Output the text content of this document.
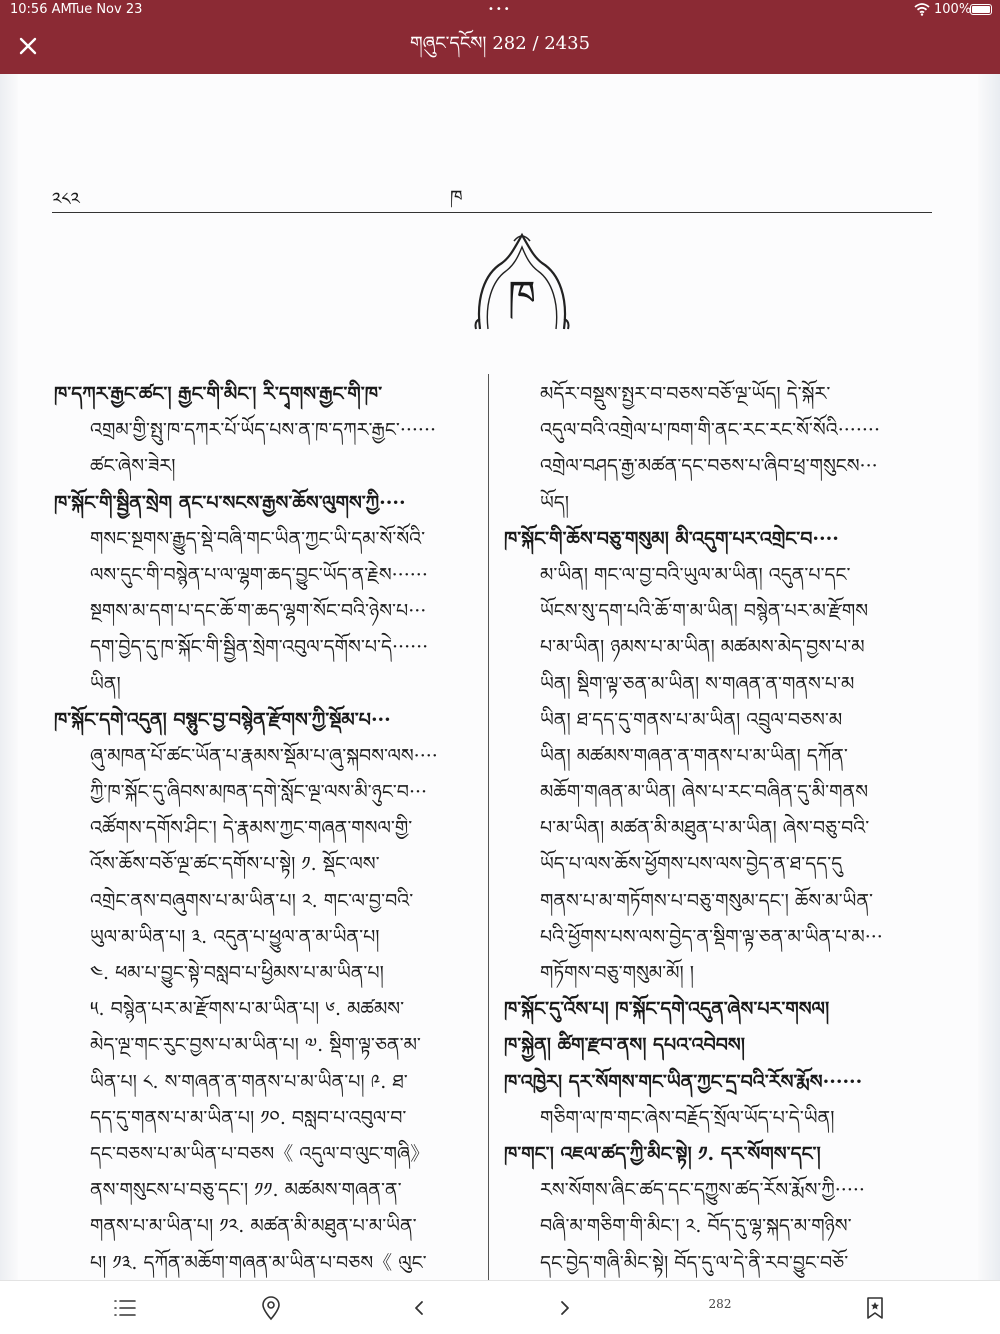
10:56 AM
Tue Nov 23	•••	100%
གཞུང་དངོས། 282 / 2435
༢༨༢	ཁ
ཁ
ཁ་དཀར་རྒྱང་ཚང་། རྒྱང་གི་མིང་། རི་དྭགས་རྒྱང་གི་ཁ་
འགྲམ་གྱི་སྤུ་ཁ་དཀར་པོ་ཡོད་པས་ན་ཁ་དཀར་རྒྱང་······
ཚང་ཞེས་ཟེར།
ཁ་སྐོང་གི་སྦྱིན་སྲེག ནང་པ་སངས་རྒྱས་ཆོས་ལུགས་ཀྱི····
གསང་སྔགས་རྒྱུད་སྡེ་བཞི་གང་ཡིན་ཀྱང་ཡི་དམ་སོ་སོའི་
ལས་དུང་གི་བསྙེན་པ་ལ་ལྷག་ཆད་བྱུང་ཡོད་ན་རྗེས······
སྔགས་མ་དག་པ་དང་ཆོ་ག་ཆད་ལྷག་སོང་བའི་ཉེས་པ···
དག་བྱེད་དུ་ཁ་སྐོང་གི་སྦྱིན་སྲེག་འབུལ་དགོས་པ་དེ······
ཡིན།
ཁ་སྐོང་དགེ་འདུན། བསྙུང་བྱ་བསྙེན་རྫོགས་ཀྱི་སྡོམ་པ···
ཞུ་མཁན་པོ་ཚང་ཡོན་པ་རྣམས་སྡོམ་པ་ཞུ་སྐབས་ལས····
ཀྱི་ཁ་སྐོང་དུ་ཞིབས་མཁན་དགེ་སློང་ལྔ་ལས་མི་ཉུང་བ···
འཚོགས་དགོས་ཤིང་། དེ་རྣམས་ཀྱང་གཞན་གསལ་གྱི་
འོས་ཆོས་བཅོ་ལྔ་ཚང་དགོས་པ་སྟེ། ༡. སྡོང་ལས་
འགྲེང་ནས་བཞུགས་པ་མ་ཡིན་པ། ༢. གང་ལ་བྱ་བའི་
ཡུལ་མ་ཡིན་པ། ༣. འདུན་པ་ཕྱུལ་ན་མ་ཡིན་པ།
༤. ཕམ་པ་བྱུང་སྟེ་བསླབ་པ་ཕྱིམས་པ་མ་ཡིན་པ།
༥. བསྙེན་པར་མ་རྫོགས་པ་མ་ཡིན་པ། ༦. མཚམས་
མེད་ལྔ་གང་རུང་བྱས་པ་མ་ཡིན་པ། ༧. སྡིག་ལྟ་ཅན་མ་
ཡིན་པ། ༨. ས་གཞན་ན་གནས་པ་མ་ཡིན་པ། ༩. ཐ་
དད་དུ་གནས་པ་མ་ཡིན་པ། ༡༠. བསླབ་པ་འབུལ་བ་
དང་བཅས་པ་མ་ཡིན་པ་བཅས《 འདུལ་བ་ལུང་གཞི》
ནས་གསུངས་པ་བཅུ་དང་། ༡༡. མཚམས་གཞན་ན་
གནས་པ་མ་ཡིན་པ། ༡༢. མཚན་མི་མཐུན་པ་མ་ཡིན་
པ། ༡༣. དཀོན་མཆོག་གཞན་མ་ཡིན་པ་བཅས《 ལུང་
མདོར་བསྡུས་སྤྱར་བ་བཅས་བཅོ་ལྔ་ཡོད། དེ་སྐོར་
འདུལ་བའི་འགྲེལ་པ་ཁག་གི་ནང་རང་རང་སོ་སོའི·······
འགྲེལ་བཤད་རྒྱ་མཚན་དང་བཅས་པ་ཞིབ་ཕྲ་གསུངས···
ཡོད།
ཁ་སྐོང་གི་ཆོས་བཅུ་གསུམ། མི་འདུག་པར་འགྲེང་བ····
མ་ཡིན། གང་ལ་བྱ་བའི་ཡུལ་མ་ཡིན། འདུན་པ་དང་
ཡོངས་སུ་དག་པའི་ཆོ་ག་མ་ཡིན། བསྙེན་པར་མ་རྫོགས
པ་མ་ཡིན། ཉམས་པ་མ་ཡིན། མཚམས་མེད་བྱས་པ་མ
ཡིན། སྡིག་ལྟ་ཅན་མ་ཡིན། ས་གཞན་ན་གནས་པ་མ
ཡིན། ཐ་དད་དུ་གནས་པ་མ་ཡིན། འབྲུལ་བཅས་མ
ཡིན། མཚམས་གཞན་ན་གནས་པ་མ་ཡིན། དཀོན་
མཆོག་གཞན་མ་ཡིན། ཞེས་པ་རང་བཞིན་དུ་མི་གནས
པ་མ་ཡིན། མཚན་མི་མཐུན་པ་མ་ཡིན། ཞེས་བཅུ་བའི་
ཡོད་པ་ལས་ཆོས་ཕྱོགས་པས་ལས་བྱེད་ན་ཐ་དད་དུ
གནས་པ་མ་གཏོགས་པ་བཅུ་གསུམ་དང་། ཆོས་མ་ཡིན་
པའི་ཕྱོགས་པས་ལས་བྱེད་ན་སྡིག་ལྟ་ཅན་མ་ཡིན་པ་མ···
གཏོགས་བཅུ་གསུམ་མོ། །
ཁ་སྐོང་དུ་འོས་པ། ཁ་སྐོང་དགེ་འདུན་ཞེས་པར་གསལ།
ཁ་སྐྱེན། ཚིག་རྫབ་ནས། དཔའ་འབེབས།
ཁ་འཁྱེར། དར་སོགས་གང་ཡིན་ཀྱང་དྲ་བའི་རོས་རྨོས······
གཅིག་ལ་ཁ་གང་ཞེས་བརྗོད་སྲོལ་ཡོད་པ་དེ་ཡིན།
ཁ་གང་། འཇལ་ཚད་ཀྱི་མིང་སྟེ། ༡. དར་སོགས་དང་།
རས་སོགས་ཞིང་ཚད་དང་དཀྱུས་ཚད་རོས་རྨོས་ཀྱི·····
བཞི་མ་གཅིག་གི་མིང་། ༢. བོད་དུ་ལྷ་སྐད་མ་གཉིས་
དང་བྱེད་གཞི་མིང་སྟེ། བོད་དུ་ལ་དེ་ནི་རབ་བྱུང་བཅོ་
282
